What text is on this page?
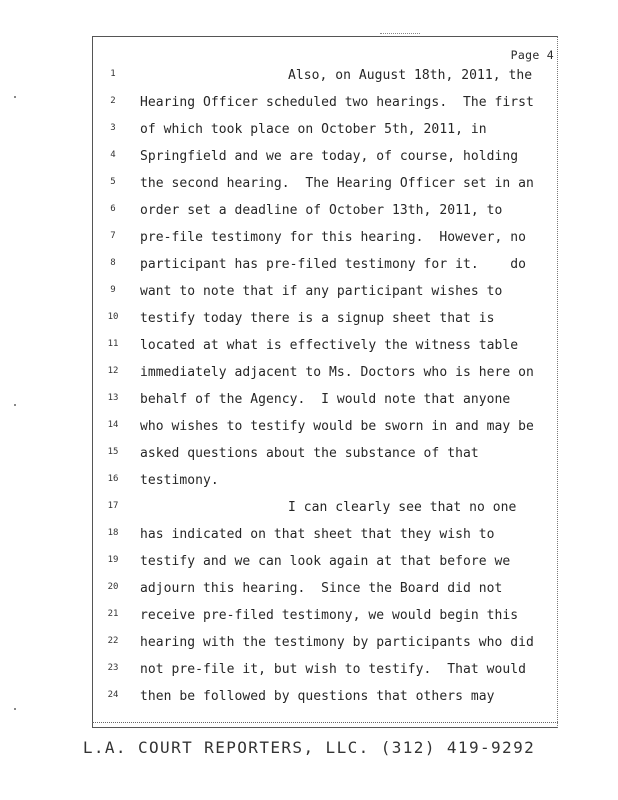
Page 4
1
2
3
4
5
6
7
8
9
10
11
12
13
14
15
16
17
18
19
20
21
22
23
24
Also, on August 18th, 2011, the
Hearing Officer scheduled two hearings.  The first
of which took place on October 5th, 2011, in
Springfield and we are today, of course, holding
the second hearing.  The Hearing Officer set in an
order set a deadline of October 13th, 2011, to
pre-file testimony for this hearing.  However, no
participant has pre-filed testimony for it.    do
want to note that if any participant wishes to
testify today there is a signup sheet that is
located at what is effectively the witness table
immediately adjacent to Ms. Doctors who is here on
behalf of the Agency.  I would note that anyone
who wishes to testify would be sworn in and may be
asked questions about the substance of that
testimony.
I can clearly see that no one
has indicated on that sheet that they wish to
testify and we can look again at that before we
adjourn this hearing.  Since the Board did not
receive pre-filed testimony, we would begin this
hearing with the testimony by participants who did
not pre-file it, but wish to testify.  That would
then be followed by questions that others may
L.A. COURT REPORTERS, LLC. (312) 419-9292
